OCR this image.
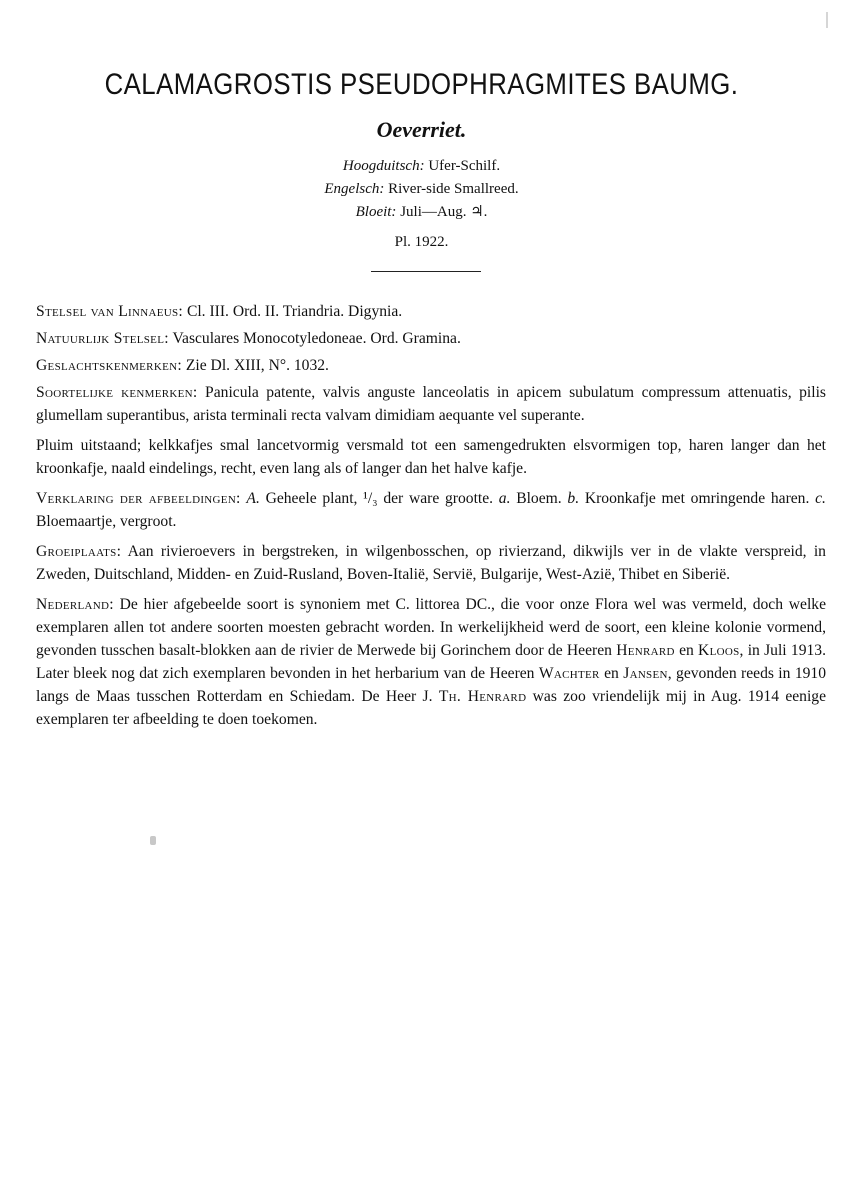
CALAMAGROSTIS PSEUDOPHRAGMITES BAUMG.
Oeverriet.
Hoogduitsch: Ufer-Schilf.
Engelsch: River-side Smallreed.
Bloeit: Juli—Aug. ♃.
Pl. 1922.

Stelsel van Linnaeus: Cl. III. Ord. II. Triandria. Digynia.

Natuurlijk Stelsel: Vasculares Monocotyledoneae. Ord. Gramina.

Geslachtskenmerken: Zie Dl. XIII, N°. 1032.

Soortelijke kenmerken: Panicula patente, valvis anguste lanceolatis in apicem subulatum compressum attenuatis, pilis glumellam superantibus, arista terminali recta valvam dimidiam aequante vel superante.

Pluim uitstaand; kelkkafjes smal lancetvormig versmald tot een samengedrukten elsvormigen top, haren langer dan het kroonkafje, naald eindelings, recht, even lang als of langer dan het halve kafje.

Verklaring der afbeeldingen: A. Geheele plant, ¹/₃ der ware grootte. a. Bloem. b. Kroonkafje met omringende haren. c. Bloemaartje, vergroot.

Groeiplaats: Aan rivieroevers in bergstreken, in wilgenbosschen, op rivierzand, dikwijls ver in de vlakte verspreid, in Zweden, Duitschland, Midden- en Zuid-Rusland, Boven-Italië, Servië, Bulgarije, West-Azië, Thibet en Siberië.

Nederland: De hier afgebeelde soort is synoniem met C. littorea DC., die voor onze Flora wel was vermeld, doch welke exemplaren allen tot andere soorten moesten gebracht worden. In werkelijkheid werd de soort, een kleine kolonie vormend, gevonden tusschen basalt-blokken aan de rivier de Merwede bij Gorinchem door de Heeren Henrard en Kloos, in Juli 1913. Later bleek nog dat zich exemplaren bevonden in het herbarium van de Heeren Wachter en Jansen, gevonden reeds in 1910 langs de Maas tusschen Rotterdam en Schiedam. De Heer J. Th. Henrard was zoo vriendelijk mij in Aug. 1914 eenige exemplaren ter afbeelding te doen toekomen.
